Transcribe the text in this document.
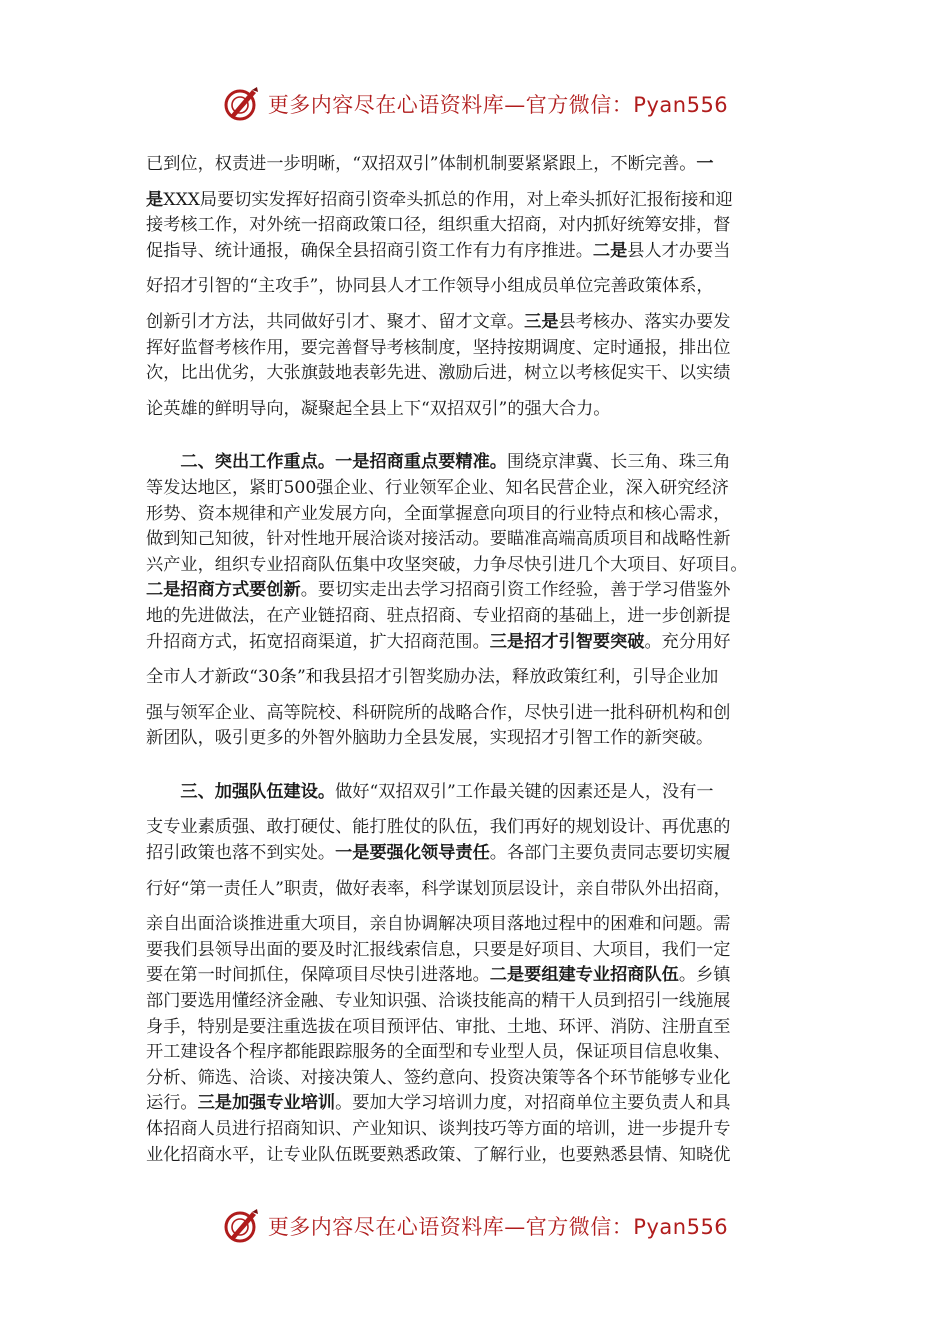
更多内容尽在心语资料库—官方微信：Pyan556

已到位，权责进一步明晰，“双招双引”体制机制要紧紧跟上，不断完善。一
是XXX局要切实发挥好招商引资牵头抓总的作用，对上牵头抓好汇报衔接和迎
接考核工作，对外统一招商政策口径，组织重大招商，对内抓好统筹安排，督
促指导、统计通报，确保全县招商引资工作有力有序推进。二是县人才办要当
好招才引智的“主攻手”，协同县人才工作领导小组成员单位完善政策体系，
创新引才方法，共同做好引才、聚才、留才文章。三是县考核办、落实办要发
挥好监督考核作用，要完善督导考核制度，坚持按期调度、定时通报，排出位
次，比出优劣，大张旗鼓地表彰先进、激励后进，树立以考核促实干、以实绩
论英雄的鲜明导向，凝聚起全县上下“双招双引”的强大合力。

二、突出工作重点。一是招商重点要精准。围绕京津冀、长三角、珠三角
等发达地区，紧盯500强企业、行业领军企业、知名民营企业，深入研究经济
形势、资本规律和产业发展方向，全面掌握意向项目的行业特点和核心需求，
做到知己知彼，针对性地开展洽谈对接活动。要瞄准高端高质项目和战略性新
兴产业，组织专业招商队伍集中攻坚突破，力争尽快引进几个大项目、好项目。
二是招商方式要创新。要切实走出去学习招商引资工作经验，善于学习借鉴外
地的先进做法，在产业链招商、驻点招商、专业招商的基础上，进一步创新提
升招商方式，拓宽招商渠道，扩大招商范围。三是招才引智要突破。充分用好
全市人才新政“30条”和我县招才引智奖励办法，释放政策红利，引导企业加
强与领军企业、高等院校、科研院所的战略合作，尽快引进一批科研机构和创
新团队，吸引更多的外智外脑助力全县发展，实现招才引智工作的新突破。

三、加强队伍建设。做好“双招双引”工作最关键的因素还是人，没有一
支专业素质强、敢打硬仗、能打胜仗的队伍，我们再好的规划设计、再优惠的
招引政策也落不到实处。一是要强化领导责任。各部门主要负责同志要切实履
行好“第一责任人”职责，做好表率，科学谋划顶层设计，亲自带队外出招商，
亲自出面洽谈推进重大项目，亲自协调解决项目落地过程中的困难和问题。需
要我们县领导出面的要及时汇报线索信息，只要是好项目、大项目，我们一定
要在第一时间抓住，保障项目尽快引进落地。二是要组建专业招商队伍。乡镇
部门要选用懂经济金融、专业知识强、洽谈技能高的精干人员到招引一线施展
身手，特别是要注重选拔在项目预评估、审批、土地、环评、消防、注册直至
开工建设各个程序都能跟踪服务的全面型和专业型人员，保证项目信息收集、
分析、筛选、洽谈、对接决策人、签约意向、投资决策等各个环节能够专业化
运行。三是加强专业培训。要加大学习培训力度，对招商单位主要负责人和具
体招商人员进行招商知识、产业知识、谈判技巧等方面的培训，进一步提升专
业化招商水平，让专业队伍既要熟悉政策、了解行业，也要熟悉县情、知晓优

更多内容尽在心语资料库—官方微信：Pyan556
